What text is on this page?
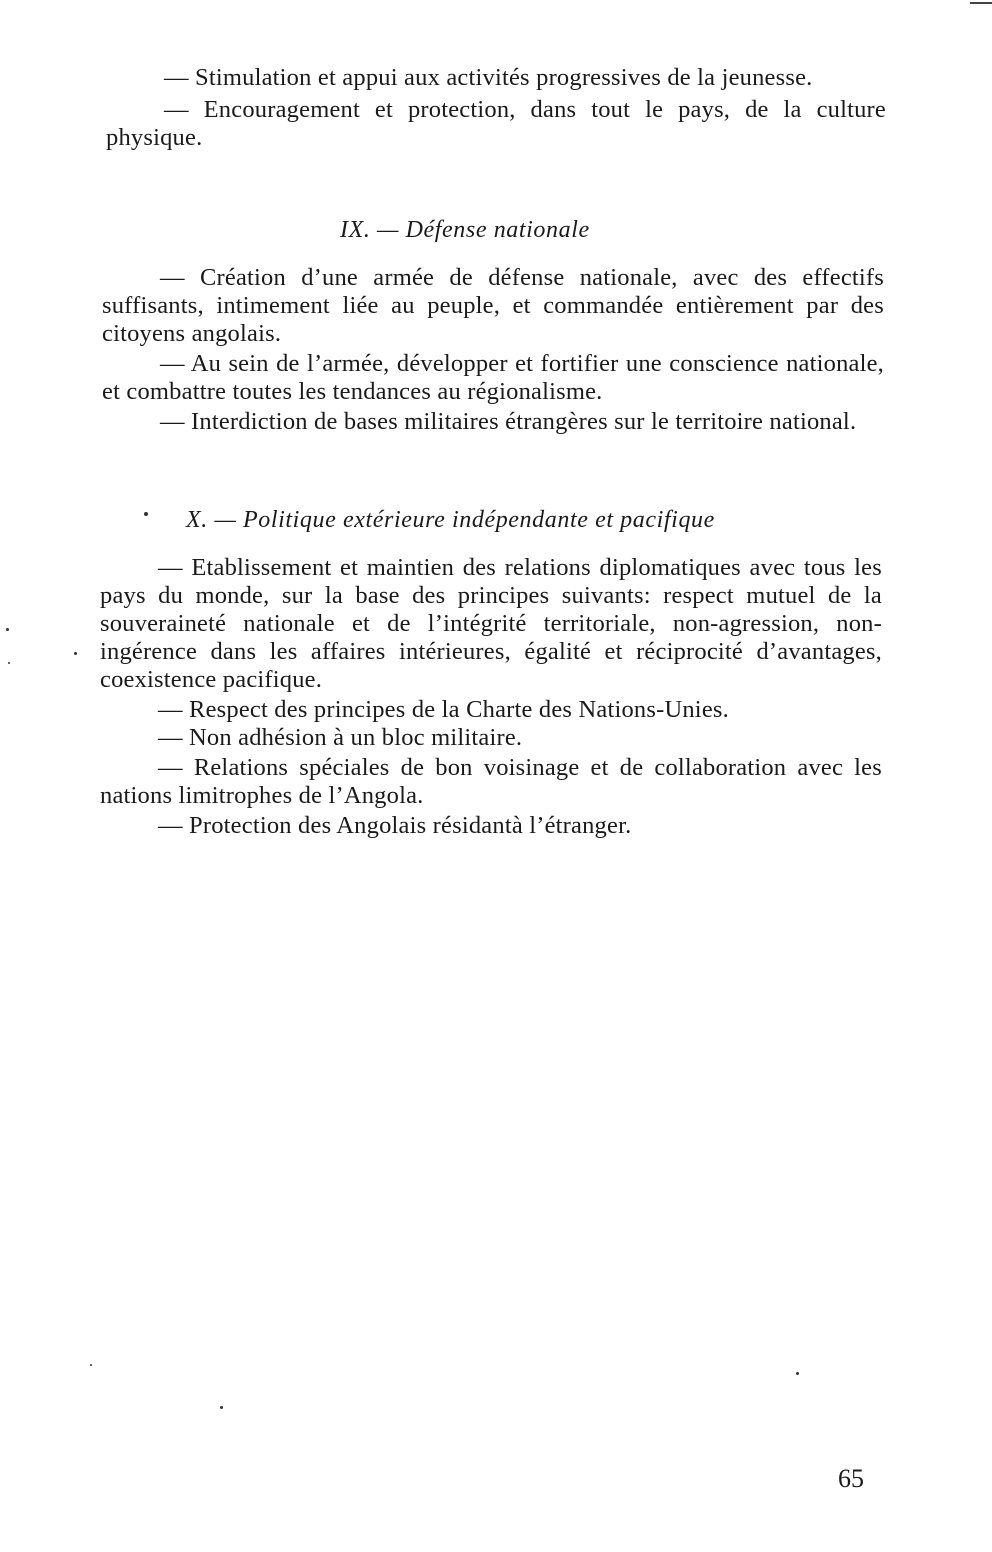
— Stimulation et appui aux activités progressives de la jeunesse.

— Encouragement et protection, dans tout le pays, de la culture physique.

IX. — Défense nationale

— Création d’une armée de défense nationale, avec des effectifs suffisants, intimement liée au peuple, et commandée entièrement par des citoyens angolais.

— Au sein de l’armée, développer et fortifier une conscience nationale, et combattre toutes les tendances au régionalisme.

— Interdiction de bases militaires étrangères sur le territoire national.

X. — Politique extérieure indépendante et pacifique

— Etablissement et maintien des relations diplomatiques avec tous les pays du monde, sur la base des principes suivants: respect mutuel de la souveraineté nationale et de l’intégrité territoriale, non-agression, non-ingérence dans les affaires intérieures, égalité et réciprocité d’avantages, coexistence pacifique.

— Respect des principes de la Charte des Nations-Unies.

— Non adhésion à un bloc militaire.

— Relations spéciales de bon voisinage et de collaboration avec les nations limitrophes de l’Angola.

— Protection des Angolais résidantà l’étranger.

65
